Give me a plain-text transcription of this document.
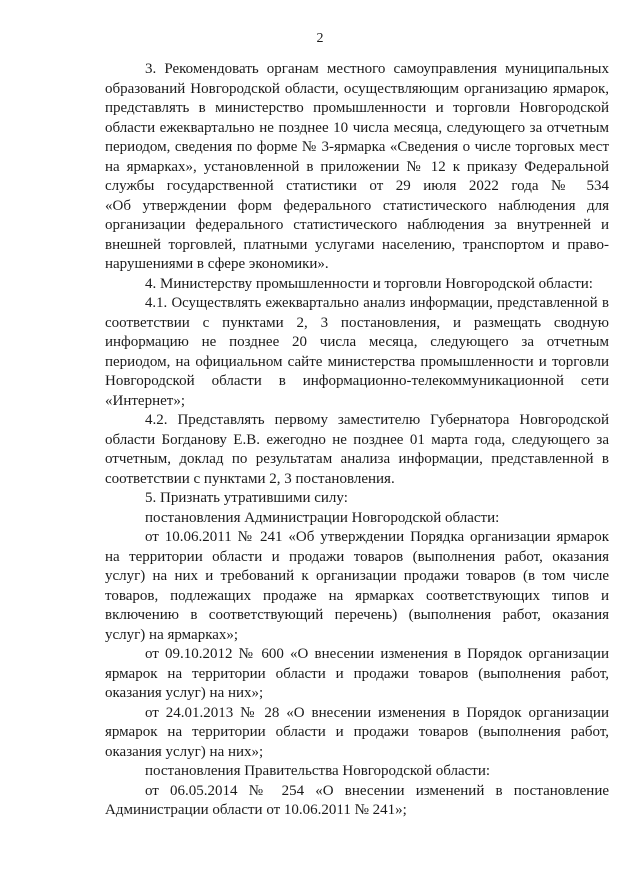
2
3. Рекомендовать органам местного самоуправления муниципальных
образований Новгородской области, осуществляющим организацию ярмарок,
представлять в министерство промышленности и торговли Новгородской
области ежеквартально не позднее 10 числа месяца, следующего за отчетным
периодом, сведения по форме № 3-ярмарка «Сведения о числе торговых мест
на ярмарках», установленной в приложении № 12 к приказу Федеральной
службы государственной статистики от 29 июля 2022 года № 534
«Об утверждении форм федерального статистического наблюдения для
организации федерального статистического наблюдения за внутренней и
внешней торговлей, платными услугами населению, транспортом и право-
нарушениями в сфере экономики».
4. Министерству промышленности и торговли Новгородской области:
4.1. Осуществлять ежеквартально анализ информации, представленной в
соответствии с пунктами 2, 3 постановления, и размещать сводную
информацию не позднее 20 числа месяца, следующего за отчетным
периодом, на официальном сайте министерства промышленности и торговли
Новгородской области в информационно-телекоммуникационной сети
«Интернет»;
4.2. Представлять первому заместителю Губернатора Новгородской
области Богданову Е.В. ежегодно не позднее 01 марта года, следующего за
отчетным, доклад по результатам анализа информации, представленной в
соответствии с пунктами 2, 3 постановления.
5. Признать утратившими силу:
постановления Администрации Новгородской области:
от 10.06.2011 № 241 «Об утверждении Порядка организации ярмарок
на территории области и продажи товаров (выполнения работ, оказания
услуг) на них и требований к организации продажи товаров (в том числе
товаров, подлежащих продаже на ярмарках соответствующих типов и
включению в соответствующий перечень) (выполнения работ, оказания
услуг) на ярмарках»;
от 09.10.2012 № 600 «О внесении изменения в Порядок организации
ярмарок на территории области и продажи товаров (выполнения работ,
оказания услуг) на них»;
от 24.01.2013 № 28 «О внесении изменения в Порядок организации
ярмарок на территории области и продажи товаров (выполнения работ,
оказания услуг) на них»;
постановления Правительства Новгородской области:
от 06.05.2014 № 254 «О внесении изменений в постановление
Администрации области от 10.06.2011 № 241»;
